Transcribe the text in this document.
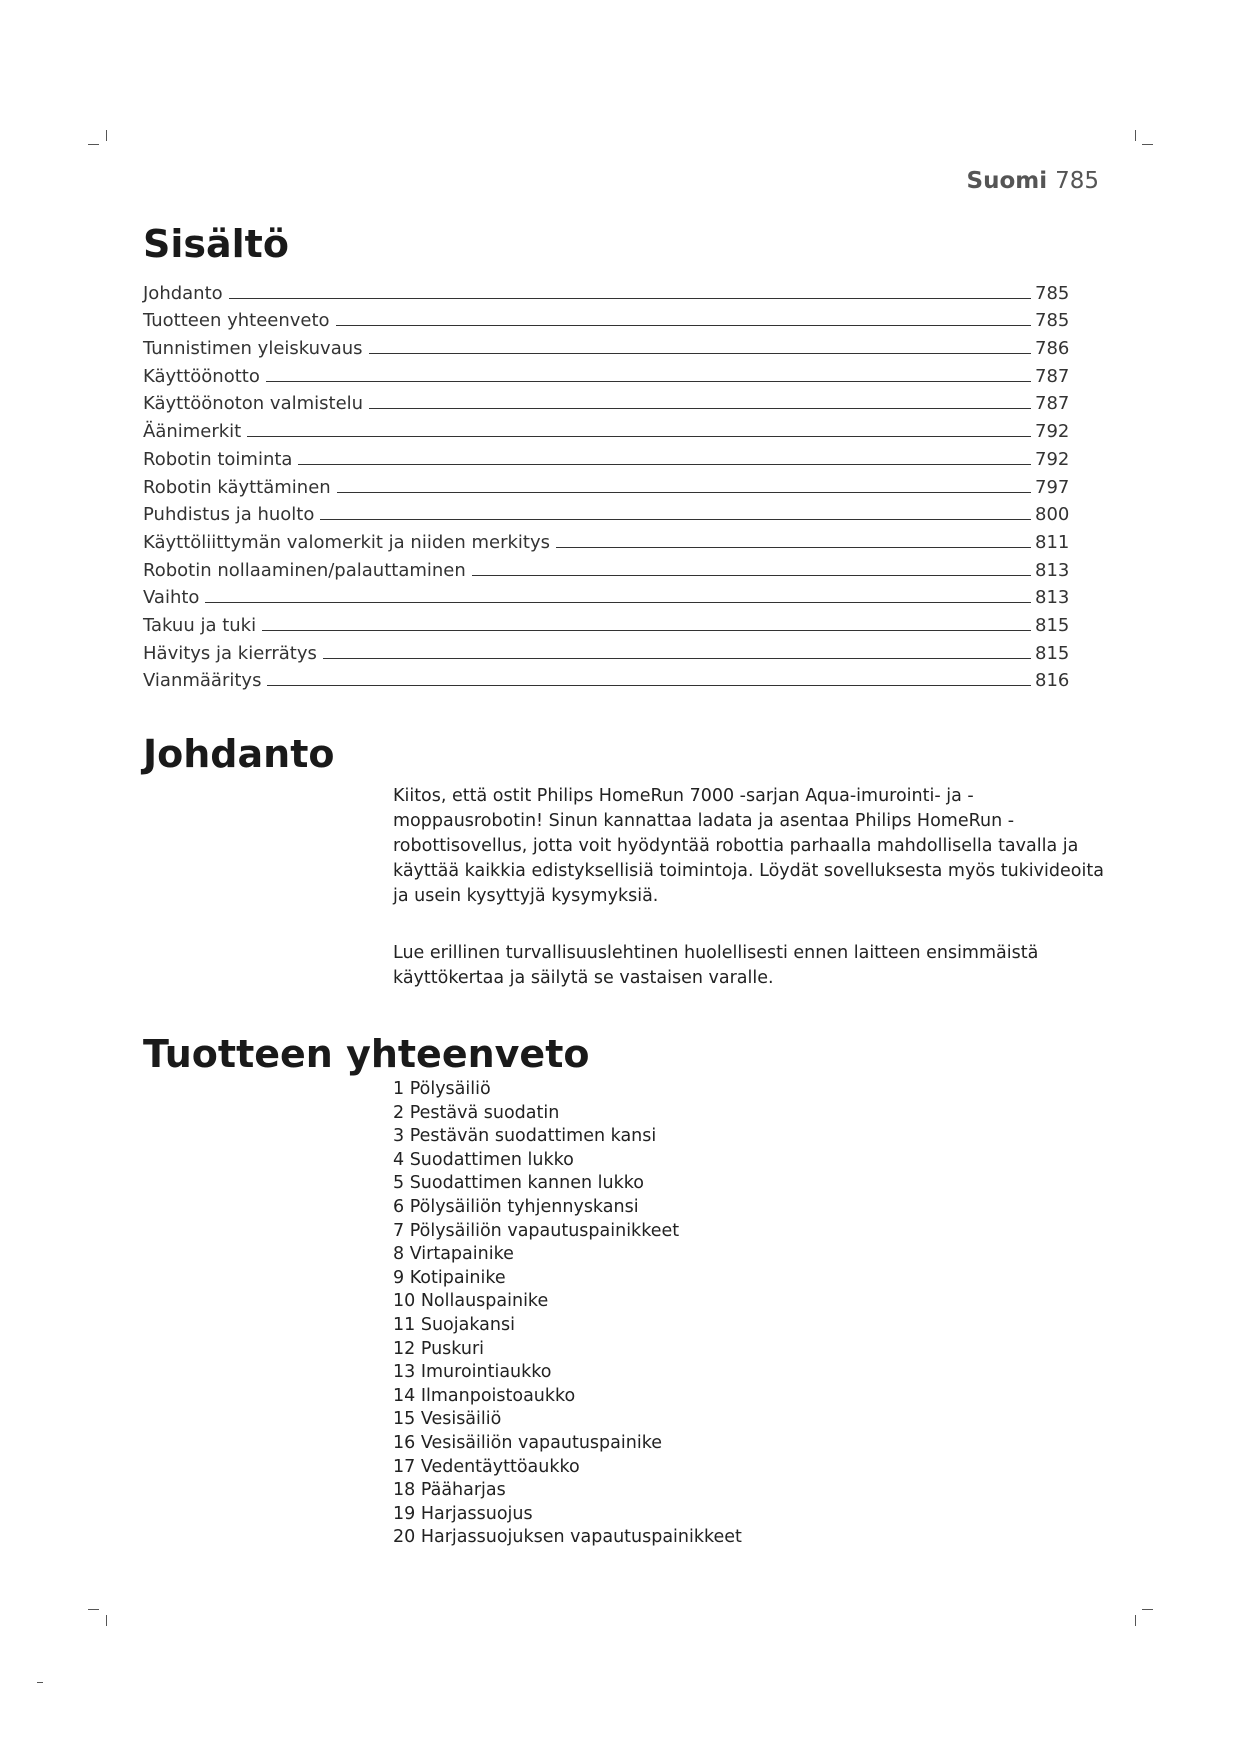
Suomi 785
Sisältö
Johdanto	785
Tuotteen yhteenveto	785
Tunnistimen yleiskuvaus	786
Käyttöönotto	787
Käyttöönoton valmistelu	787
Äänimerkit	792
Robotin toiminta	792
Robotin käyttäminen	797
Puhdistus ja huolto	800
Käyttöliittymän valomerkit ja niiden merkitys	811
Robotin nollaaminen/palauttaminen	813
Vaihto	813
Takuu ja tuki	815
Hävitys ja kierrätys	815
Vianmääritys	816
Johdanto

Kiitos, että ostit Philips HomeRun 7000 -sarjan Aqua-imurointi- ja -moppausrobotin! Sinun kannattaa ladata ja asentaa Philips HomeRun -robottisovellus, jotta voit hyödyntää robottia parhaalla mahdollisella tavalla ja käyttää kaikkia edistyksellisiä toimintoja. Löydät sovelluksesta myös tukivideoita ja usein kysyttyjä kysymyksiä.

Lue erillinen turvallisuuslehtinen huolellisesti ennen laitteen ensimmäistä käyttökertaa ja säilytä se vastaisen varalle.

Tuotteen yhteenveto
1 Pölysäiliö
2 Pestävä suodatin
3 Pestävän suodattimen kansi
4 Suodattimen lukko
5 Suodattimen kannen lukko
6 Pölysäiliön tyhjennyskansi
7 Pölysäiliön vapautuspainikkeet
8 Virtapainike
9 Kotipainike
10 Nollauspainike
11 Suojakansi
12 Puskuri
13 Imurointiaukko
14 Ilmanpoistoaukko
15 Vesisäiliö
16 Vesisäiliön vapautuspainike
17 Vedentäyttöaukko
18 Pääharjas
19 Harjassuojus
20 Harjassuojuksen vapautuspainikkeet
